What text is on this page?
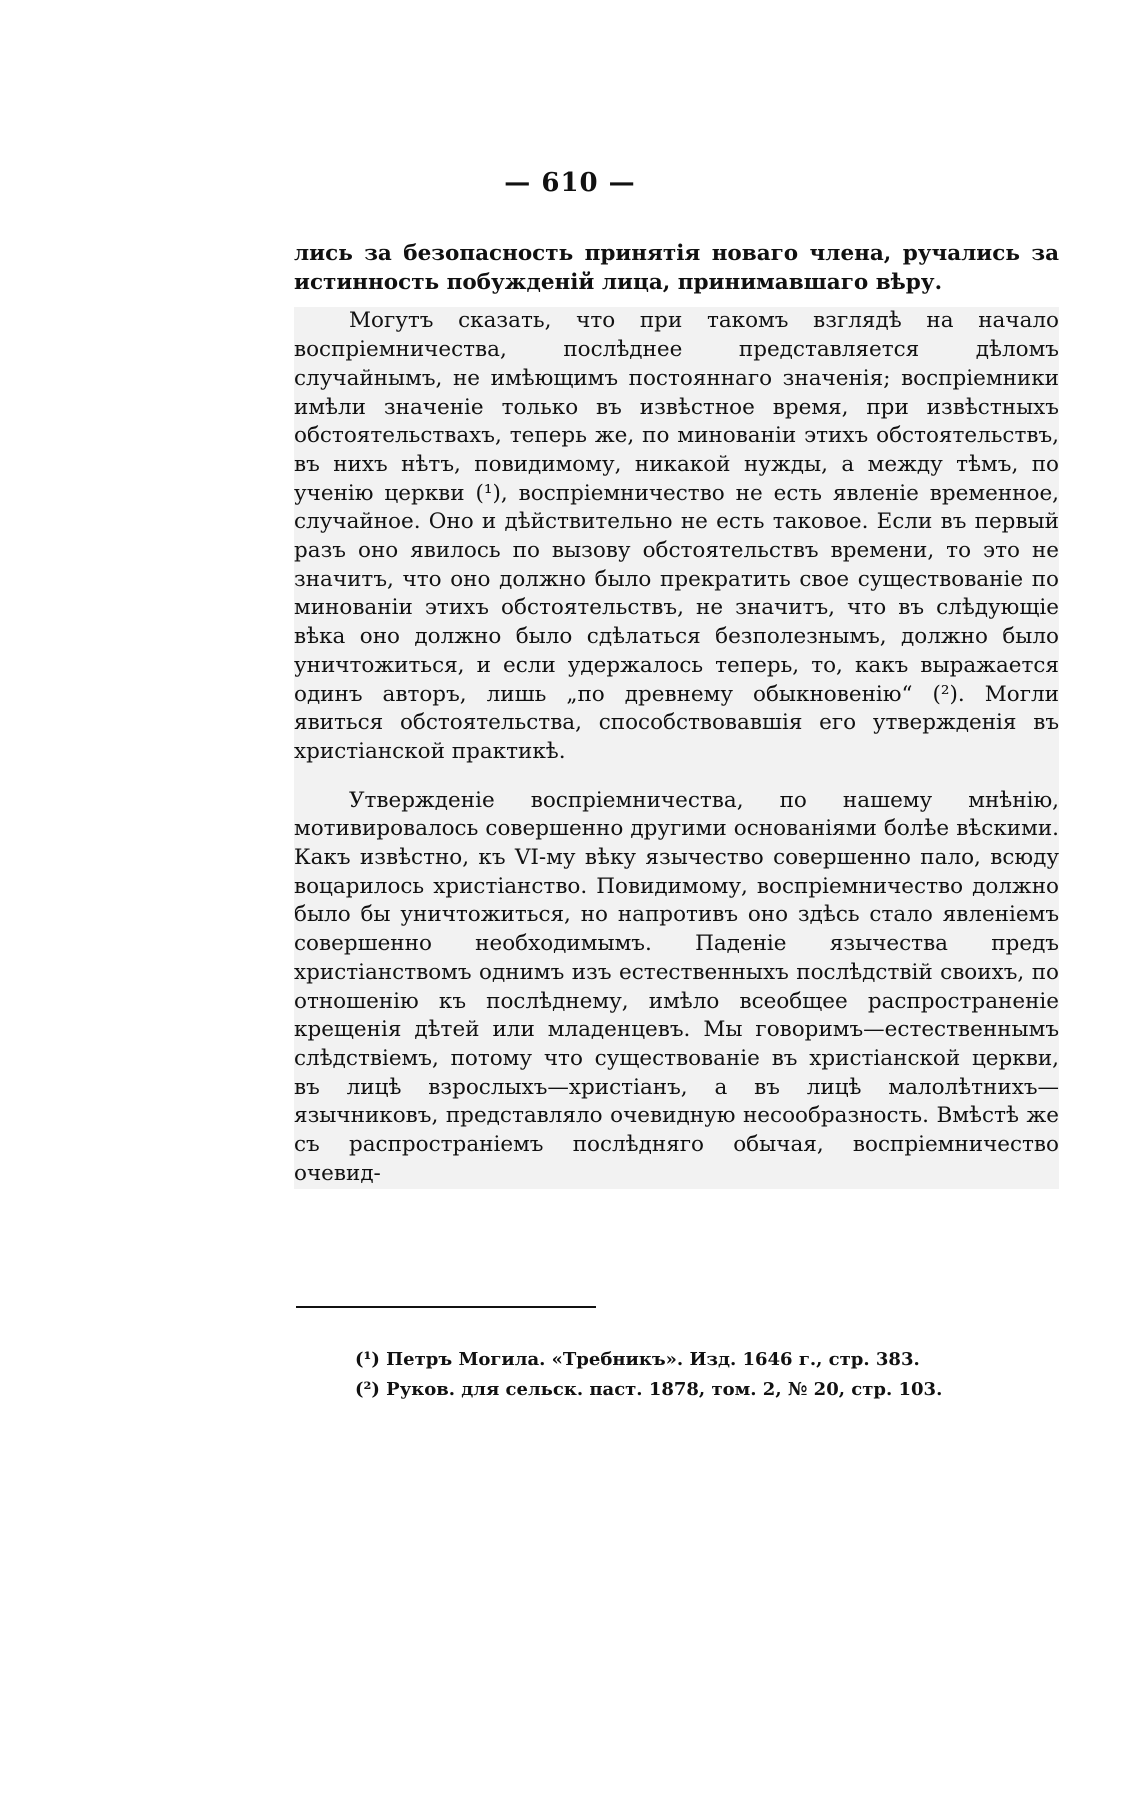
— 610 —

лись за безопасность принятія новаго члена, ручались за истинность побужденій лица, принимавшаго вѣру.

Могутъ сказать, что при такомъ взглядѣ на начало воспріемничества, послѣднее представляется дѣломъ случайнымъ, не имѣющимъ постояннаго значенія; воспріемники имѣли значеніе только въ извѣстное время, при извѣстныхъ обстоятельствахъ, теперь же, по минованіи этихъ обстоятельствъ, въ нихъ нѣтъ, повидимому, никакой нужды, а между тѣмъ, по ученію церкви (¹), воспріемничество не есть явленіе временное, случайное. Оно и дѣйствительно не есть таковое. Если въ первый разъ оно явилось по вызову обстоятельствъ времени, то это не значитъ, что оно должно было прекратить свое существованіе по минованіи этихъ обстоятельствъ, не значитъ, что въ слѣдующіе вѣка оно должно было сдѣлаться безполезнымъ, должно было уничтожиться, и если удержалось теперь, то, какъ выражается одинъ авторъ, лишь „по древнему обыкновенію“ (²). Могли явиться обстоятельства, способствовавшія его утвержденія въ христіанской практикѣ.

Утвержденіе воспріемничества, по нашему мнѣнію, мотивировалось совершенно другими основаніями болѣе вѣскими. Какъ извѣстно, къ VI-му вѣку язычество совершенно пало, всюду воцарилось христіанство. Повидимому, воспріемничество должно было бы уничтожиться, но напротивъ оно здѣсь стало явленіемъ совершенно необходимымъ. Паденіе язычества предъ христіанствомъ однимъ изъ естественныхъ послѣдствій своихъ, по отношенію къ послѣднему, имѣло всеобщее распространеніе крещенія дѣтей или младенцевъ. Мы говоримъ—естественнымъ слѣдствіемъ, потому что существованіе въ христіанской церкви, въ лицѣ взрослыхъ—христіанъ, а въ лицѣ малолѣтнихъ—язычниковъ, представляло очевидную несообразность. Вмѣстѣ же съ распространіемъ послѣдняго обычая, воспріемничество очевид-

(¹) Петръ Могила. «Требникъ». Изд. 1646 г., стр. 383.

(²) Руков. для сельск. паст. 1878, том. 2, № 20, стр. 103.
